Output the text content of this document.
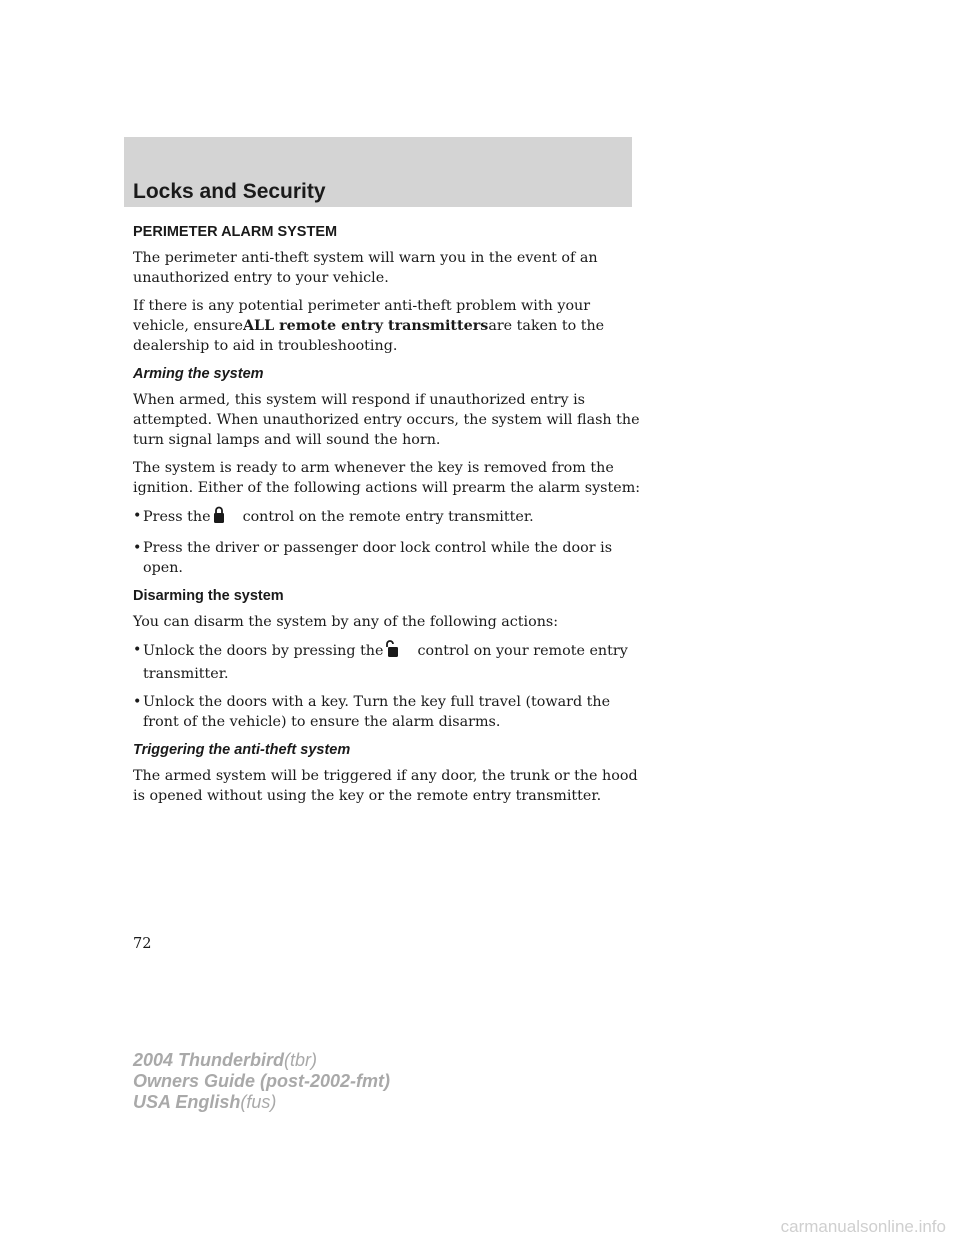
Locks and Security
PERIMETER ALARM SYSTEM

The perimeter anti-theft system will warn you in the event of an unauthorized entry to your vehicle.

If there is any potential perimeter anti-theft problem with your vehicle, ensureALL remote entry transmittersare taken to the dealership to aid in troubleshooting.

Arming the system

When armed, this system will respond if unauthorized entry is attempted. When unauthorized entry occurs, the system will flash the turn signal lamps and will sound the horn.

The system is ready to arm whenever the key is removed from the ignition. Either of the following actions will prearm the alarm system:

• Press the control on the remote entry transmitter.
• Press the driver or passenger door lock control while the door is open.
Disarming the system

You can disarm the system by any of the following actions:

• Unlock the doors by pressing the control on your remote entry transmitter.
• Unlock the doors with a key. Turn the key full travel (toward the front of the vehicle) to ensure the alarm disarms.
Triggering the anti-theft system

The armed system will be triggered if any door, the trunk or the hood is opened without using the key or the remote entry transmitter.

72
2004 Thunderbird(tbr)
Owners Guide (post-2002-fmt)
USA English(fus)
carmanualsonline.info
